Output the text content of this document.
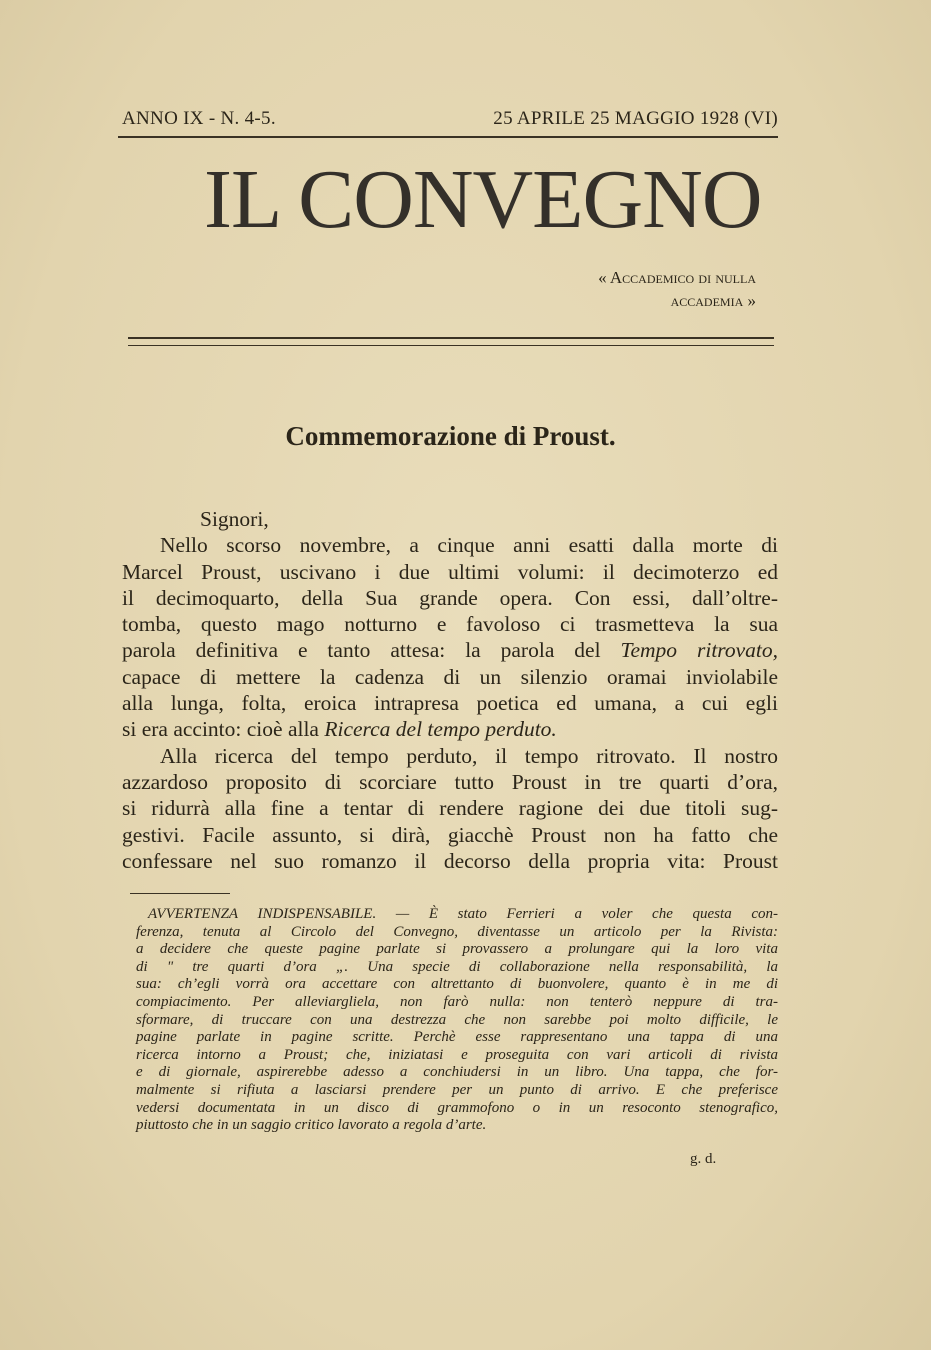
ANNO IX - N. 4-5.	25 APRILE 25 MAGGIO 1928 (VI)
IL CONVEGNO
« Accademico di nulla
accademia »
Commemorazione di Proust.
Signori,
Nello scorso novembre, a cinque anni esatti dalla morte di
Marcel Proust, uscivano i due ultimi volumi: il decimoterzo ed
il decimoquarto, della Sua grande opera. Con essi, dall’oltre-
tomba, questo mago notturno e favoloso ci trasmetteva la sua
parola definitiva e tanto attesa: la parola del Tempo ritrovato,
capace di mettere la cadenza di un silenzio oramai inviolabile
alla lunga, folta, eroica intrapresa poetica ed umana, a cui egli
si era accinto: cioè alla Ricerca del tempo perduto.
Alla ricerca del tempo perduto, il tempo ritrovato. Il nostro
azzardoso proposito di scorciare tutto Proust in tre quarti d’ora,
si ridurrà alla fine a tentar di rendere ragione dei due titoli sug-
gestivi. Facile assunto, si dirà, giacchè Proust non ha fatto che
confessare nel suo romanzo il decorso della propria vita: Proust
AVVERTENZA INDISPENSABILE. — È stato Ferrieri a voler che questa con-
ferenza, tenuta al Circolo del Convegno, diventasse un articolo per la Rivista:
a decidere che queste pagine parlate si provassero a prolungare qui la loro vita
di " tre quarti d’ora „. Una specie di collaborazione nella responsabilità, la
sua: ch’egli vorrà ora accettare con altrettanto di buonvolere, quanto è in me di
compiacimento. Per alleviargliela, non farò nulla: non tenterò neppure di tra-
sformare, di truccare con una destrezza che non sarebbe poi molto difficile, le
pagine parlate in pagine scritte. Perchè esse rappresentano una tappa di una
ricerca intorno a Proust; che, iniziatasi e proseguita con vari articoli di rivista
e di giornale, aspirerebbe adesso a conchiudersi in un libro. Una tappa, che for-
malmente si rifiuta a lasciarsi prendere per un punto di arrivo. E che preferisce
vedersi documentata in un disco di grammofono o in un resoconto stenografico,
piuttosto che in un saggio critico lavorato a regola d’arte.
g. d.
